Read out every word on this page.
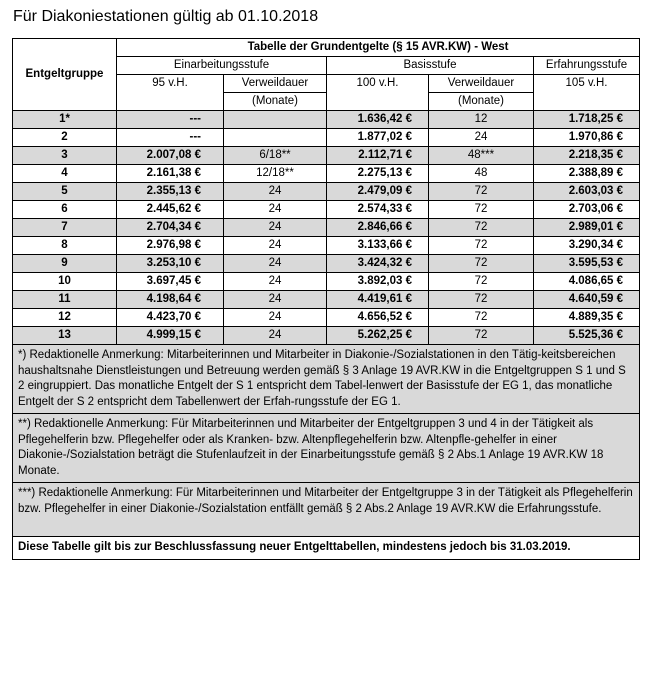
Für Diakoniestationen gültig ab 01.10.2018
Entgeltgruppe	Tabelle der Grundentgelte (§ 15 AVR.KW) - West				
	Einarbeitungsstufe		Basisstufe		Erfahrungsstufe
	95 v.H.	Verweildauer	100 v.H.	Verweildauer	105 v.H.
		(Monate)		(Monate)	
1*	---		1.636,42 €	12	1.718,25 €
2	---		1.877,02 €	24	1.970,86 €
3	2.007,08 €	6/18**	2.112,71 €	48***	2.218,35 €
4	2.161,38 €	12/18**	2.275,13 €	48	2.388,89 €
5	2.355,13 €	24	2.479,09 €	72	2.603,03 €
6	2.445,62 €	24	2.574,33 €	72	2.703,06 €
7	2.704,34 €	24	2.846,66 €	72	2.989,01 €
8	2.976,98 €	24	3.133,66 €	72	3.290,34 €
9	3.253,10 €	24	3.424,32 €	72	3.595,53 €
10	3.697,45 €	24	3.892,03 €	72	4.086,65 €
11	4.198,64 €	24	4.419,61 €	72	4.640,59 €
12	4.423,70 €	24	4.656,52 €	72	4.889,35 €
13	4.999,15 €	24	5.262,25 €	72	5.525,36 €
*) Redaktionelle Anmerkung: Mitarbeiterinnen und Mitarbeiter in Diakonie-/Sozialstationen in den Tätig-keitsbereichen haushaltsnahe Dienstleistungen und Betreuung werden gemäß § 3 Anlage 19 AVR.KW in die Entgeltgruppen S 1 und S 2 eingruppiert. Das monatliche Entgelt der S 1 entspricht dem Tabel-lenwert der Basisstufe der EG 1, das monatliche Entgelt der S 2 entspricht dem Tabellenwert der Erfah-rungsstufe der EG 1.					
**) Redaktionelle Anmerkung: Für Mitarbeiterinnen und Mitarbeiter der Entgeltgruppen 3 und 4 in der Tätigkeit als Pflegehelferin bzw. Pflegehelfer oder als Kranken- bzw. Altenpflegehelferin bzw. Altenpfle-gehelfer in einer Diakonie-/Sozialstation beträgt die Stufenlaufzeit in der Einarbeitungsstufe gemäß § 2 Abs.1 Anlage 19 AVR.KW 18 Monate.					
***) Redaktionelle Anmerkung: Für Mitarbeiterinnen und Mitarbeiter der Entgeltgruppe 3 in der Tätigkeit als Pflegehelferin bzw. Pflegehelfer in einer Diakonie-/Sozialstation entfällt gemäß § 2 Abs.2 Anlage 19 AVR.KW die Erfahrungsstufe.					
Diese Tabelle gilt bis zur Beschlussfassung neuer Entgelttabellen, mindestens jedoch bis 31.03.2019.					
